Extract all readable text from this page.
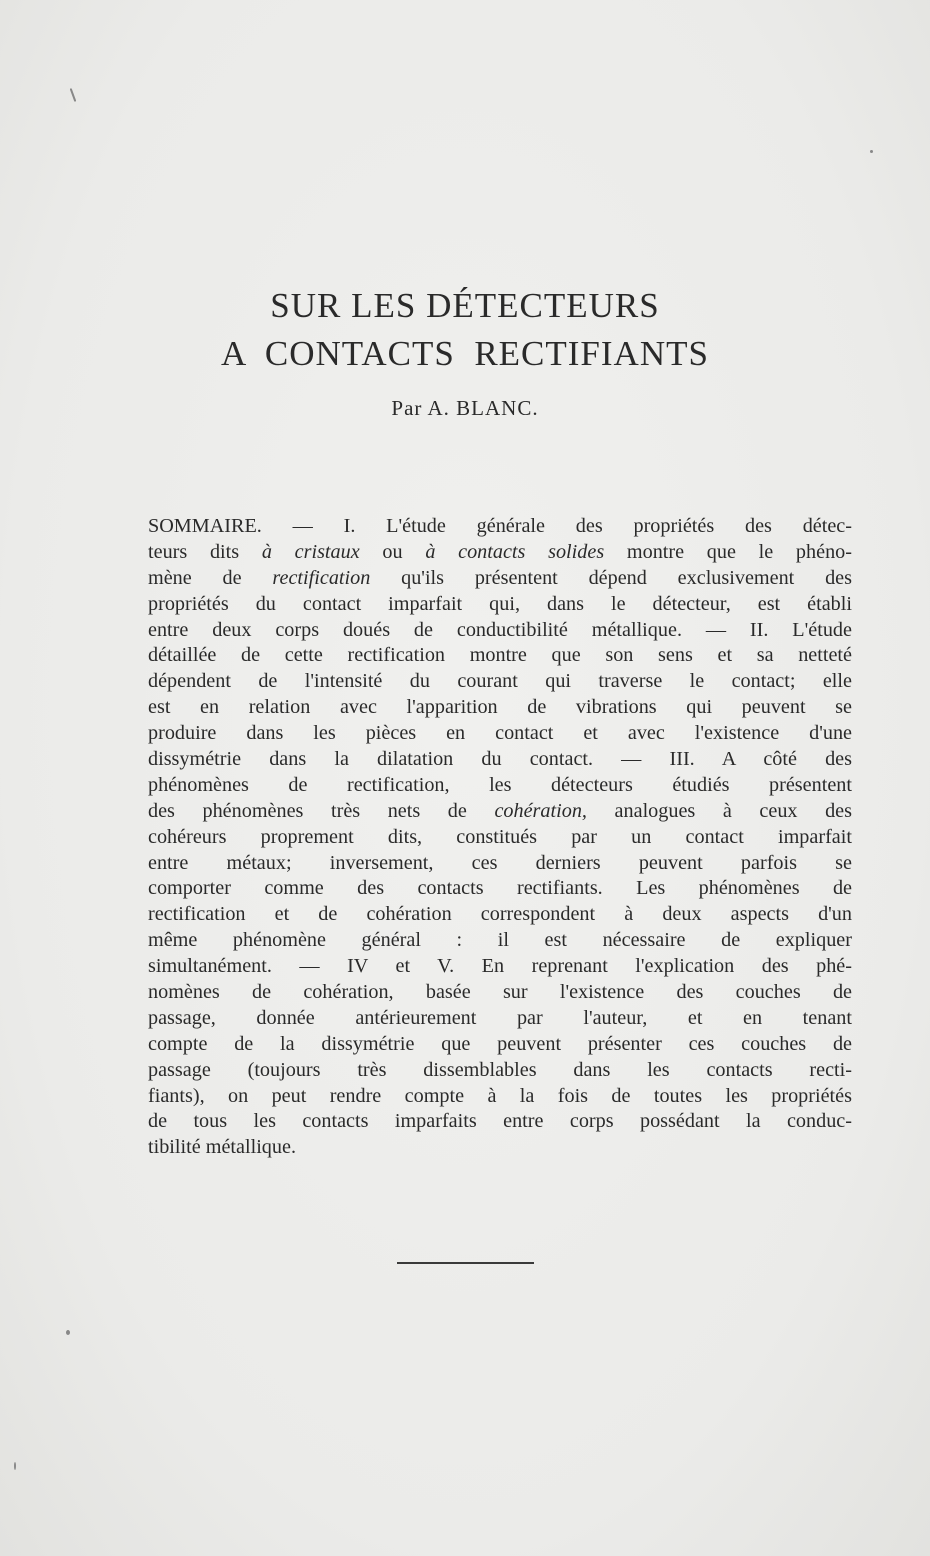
SUR LES DÉTECTEURS
A  CONTACTS  RECTIFIANTS
Par A. BLANC.

SOMMAIRE. — I. L'étude générale des propriétés des détec-
teurs dits à cristaux ou à contacts solides montre que le phéno-
mène de rectification qu'ils présentent dépend exclusivement des
propriétés du contact imparfait qui, dans le détecteur, est établi
entre deux corps doués de conductibilité métallique. — II. L'étude
détaillée de cette rectification montre que son sens et sa netteté
dépendent de l'intensité du courant qui traverse le contact; elle
est en relation avec l'apparition de vibrations qui peuvent se
produire dans les pièces en contact et avec l'existence d'une
dissymétrie dans la dilatation du contact. — III. A côté des
phénomènes de rectification, les détecteurs étudiés présentent
des phénomènes très nets de cohération, analogues à ceux des
cohéreurs proprement dits, constitués par un contact imparfait
entre métaux; inversement, ces derniers peuvent parfois se
comporter comme des contacts rectifiants. Les phénomènes de
rectification et de cohération correspondent à deux aspects d'un
même phénomène général : il est nécessaire de expliquer
simultanément. — IV et V. En reprenant l'explication des phé-
nomènes de cohération, basée sur l'existence des couches de
passage, donnée antérieurement par l'auteur, et en tenant
compte de la dissymétrie que peuvent présenter ces couches de
passage (toujours très dissemblables dans les contacts recti-
fiants), on peut rendre compte à la fois de toutes les propriétés
de tous les contacts imparfaits entre corps possédant la conduc-
tibilité métallique.
